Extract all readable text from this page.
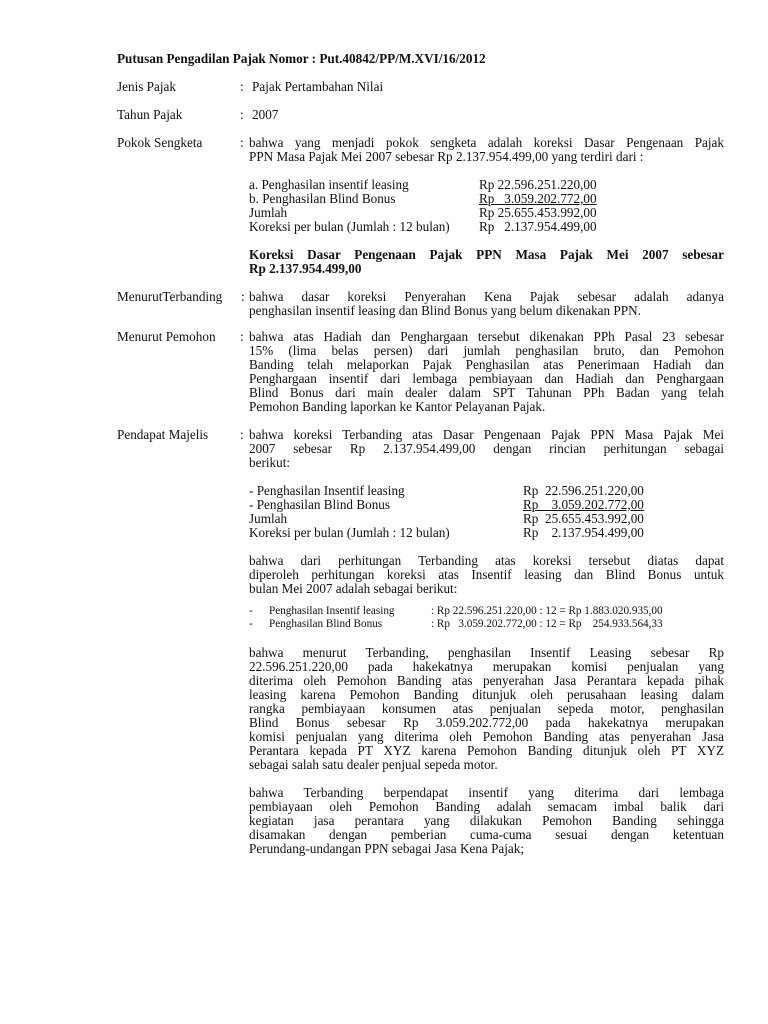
Putusan Pengadilan Pajak Nomor : Put.40842/PP/M.XVI/16/2012
Jenis Pajak	: Pajak Pertambahan Nilai
Tahun Pajak	: 2007
Pokok Sengketa	: bahwa yang menjadi pokok sengketa adalah koreksi Dasar Pengenaan Pajak
PPN Masa Pajak Mei 2007 sebesar Rp 2.137.954.499,00 yang terdiri dari :
a. Penghasilan insentif leasing	Rp 22.596.251.220,00
b. Penghasilan Blind Bonus	Rp   3.059.202.772,00
Jumlah	Rp 25.655.453.992,00
Koreksi per bulan (Jumlah : 12 bulan) Rp   2.137.954.499,00
Koreksi Dasar Pengenaan Pajak PPN Masa Pajak Mei 2007 sebesar
Rp 2.137.954.499,00
MenurutTerbanding : bahwa dasar koreksi Penyerahan Kena Pajak sebesar adalah adanya
penghasilan insentif leasing dan Blind Bonus yang belum dikenakan PPN.
Menurut Pemohon : bahwa atas Hadiah dan Penghargaan tersebut dikenakan PPh Pasal 23 sebesar
15% (lima belas persen) dari jumlah penghasilan bruto, dan Pemohon
Banding telah melaporkan Pajak Penghasilan atas Penerimaan Hadiah dan
Penghargaan insentif dari lembaga pembiayaan dan Hadiah dan Penghargaan
Blind Bonus dari main dealer dalam SPT Tahunan PPh Badan yang telah
Pemohon Banding laporkan ke Kantor Pelayanan Pajak.
Pendapat Majelis : bahwa koreksi Terbanding atas Dasar Pengenaan Pajak PPN Masa Pajak Mei
2007 sebesar Rp 2.137.954.499,00 dengan rincian perhitungan sebagai
berikut:
- Penghasilan Insentif leasing	Rp  22.596.251.220,00
- Penghasilan Blind Bonus	Rp    3.059.202.772,00
Jumlah	Rp  25.655.453.992,00
Koreksi per bulan (Jumlah : 12 bulan)	Rp    2.137.954.499,00
bahwa dari perhitungan Terbanding atas koreksi tersebut diatas dapat
diperoleh perhitungan koreksi atas Insentif leasing dan Blind Bonus untuk
bulan Mei 2007 adalah sebagai berikut:
- Penghasilan Insentif leasing	: Rp 22.596.251.220,00 : 12 = Rp 1.883.020.935,00
- Penghasilan Blind Bonus	: Rp   3.059.202.772,00 : 12 = Rp    254.933.564,33
bahwa menurut Terbanding, penghasilan Insentif Leasing sebesar Rp
22.596.251.220,00 pada hakekatnya merupakan komisi penjualan yang
diterima oleh Pemohon Banding atas penyerahan Jasa Perantara kepada pihak
leasing karena Pemohon Banding ditunjuk oleh perusahaan leasing dalam
rangka pembiayaan konsumen atas penjualan sepeda motor, penghasilan
Blind Bonus sebesar Rp 3.059.202.772,00 pada hakekatnya merupakan
komisi penjualan yang diterima oleh Pemohon Banding atas penyerahan Jasa
Perantara kepada PT XYZ karena Pemohon Banding ditunjuk oleh PT XYZ
sebagai salah satu dealer penjual sepeda motor.
bahwa Terbanding berpendapat insentif yang diterima dari lembaga
pembiayaan oleh Pemohon Banding adalah semacam imbal balik dari
kegiatan jasa perantara yang dilakukan Pemohon Banding sehingga
disamakan dengan pemberian cuma-cuma sesuai dengan ketentuan
Perundang-undangan PPN sebagai Jasa Kena Pajak;
